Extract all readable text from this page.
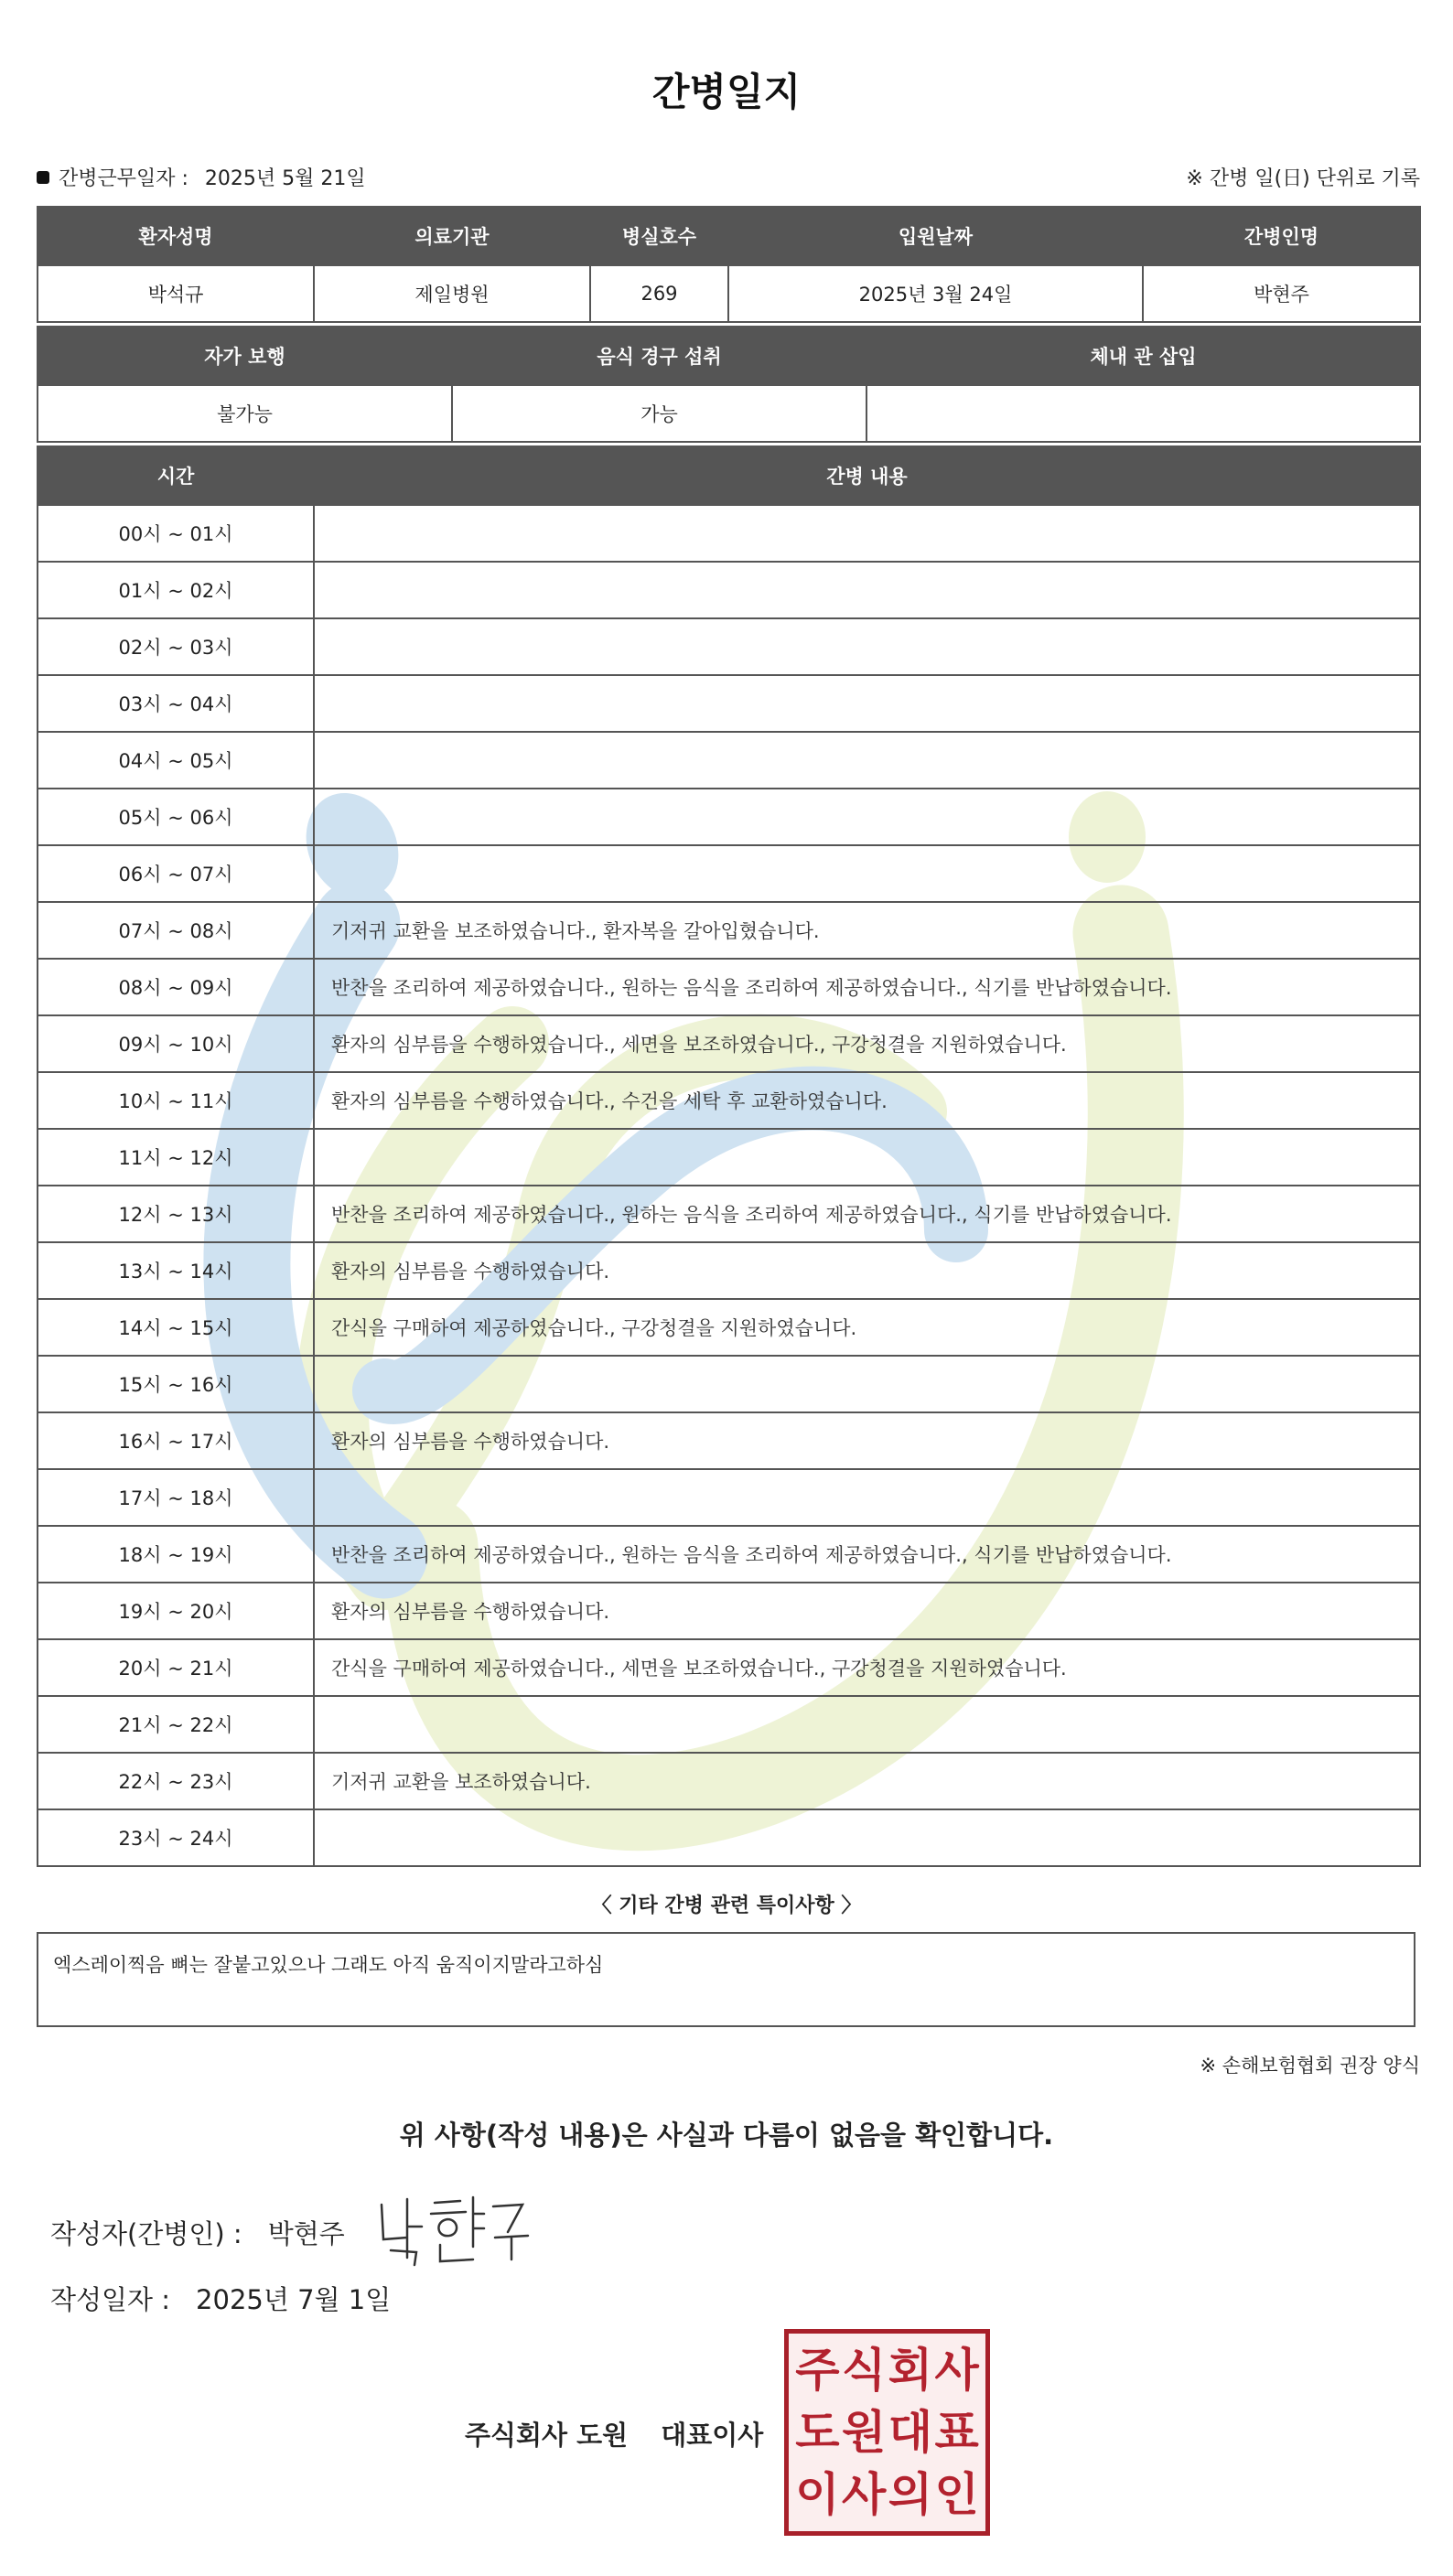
간병일지
간병근무일자 : 2025년 5월 21일	※ 간병 일(日) 단위로 기록
환자성명	의료기관	병실호수	입원날짜	간병인명
박석규	제일병원	269	2025년 3월 24일	박현주
자가 보행	음식 경구 섭취	체내 관 삽입
불가능	가능	
시간	간병 내용
00시 ~ 01시	
01시 ~ 02시	
02시 ~ 03시	
03시 ~ 04시	
04시 ~ 05시	
05시 ~ 06시	
06시 ~ 07시	
07시 ~ 08시	기저귀 교환을 보조하였습니다., 환자복을 갈아입혔습니다.
08시 ~ 09시	반찬을 조리하여 제공하였습니다., 원하는 음식을 조리하여 제공하였습니다., 식기를 반납하였습니다.
09시 ~ 10시	환자의 심부름을 수행하였습니다., 세면을 보조하였습니다., 구강청결을 지원하였습니다.
10시 ~ 11시	환자의 심부름을 수행하였습니다., 수건을 세탁 후 교환하였습니다.
11시 ~ 12시	
12시 ~ 13시	반찬을 조리하여 제공하였습니다., 원하는 음식을 조리하여 제공하였습니다., 식기를 반납하였습니다.
13시 ~ 14시	환자의 심부름을 수행하였습니다.
14시 ~ 15시	간식을 구매하여 제공하였습니다., 구강청결을 지원하였습니다.
15시 ~ 16시	
16시 ~ 17시	환자의 심부름을 수행하였습니다.
17시 ~ 18시	
18시 ~ 19시	반찬을 조리하여 제공하였습니다., 원하는 음식을 조리하여 제공하였습니다., 식기를 반납하였습니다.
19시 ~ 20시	환자의 심부름을 수행하였습니다.
20시 ~ 21시	간식을 구매하여 제공하였습니다., 세면을 보조하였습니다., 구강청결을 지원하였습니다.
21시 ~ 22시	
22시 ~ 23시	기저귀 교환을 보조하였습니다.
23시 ~ 24시	
〈 기타 간병 관련 특이사항 〉
엑스레이찍음 뼈는 잘붙고있으나 그래도 아직 움직이지말라고하심
※ 손해보험협회 권장 양식
위 사항(작성 내용)은 사실과 다름이 없음을 확인합니다.
작성자(간병인) : 박현주
작성일자 : 2025년 7월 1일
주식회사 도원 대표이사
주 식 회 사
도 원 대 표
이 사 의 인
